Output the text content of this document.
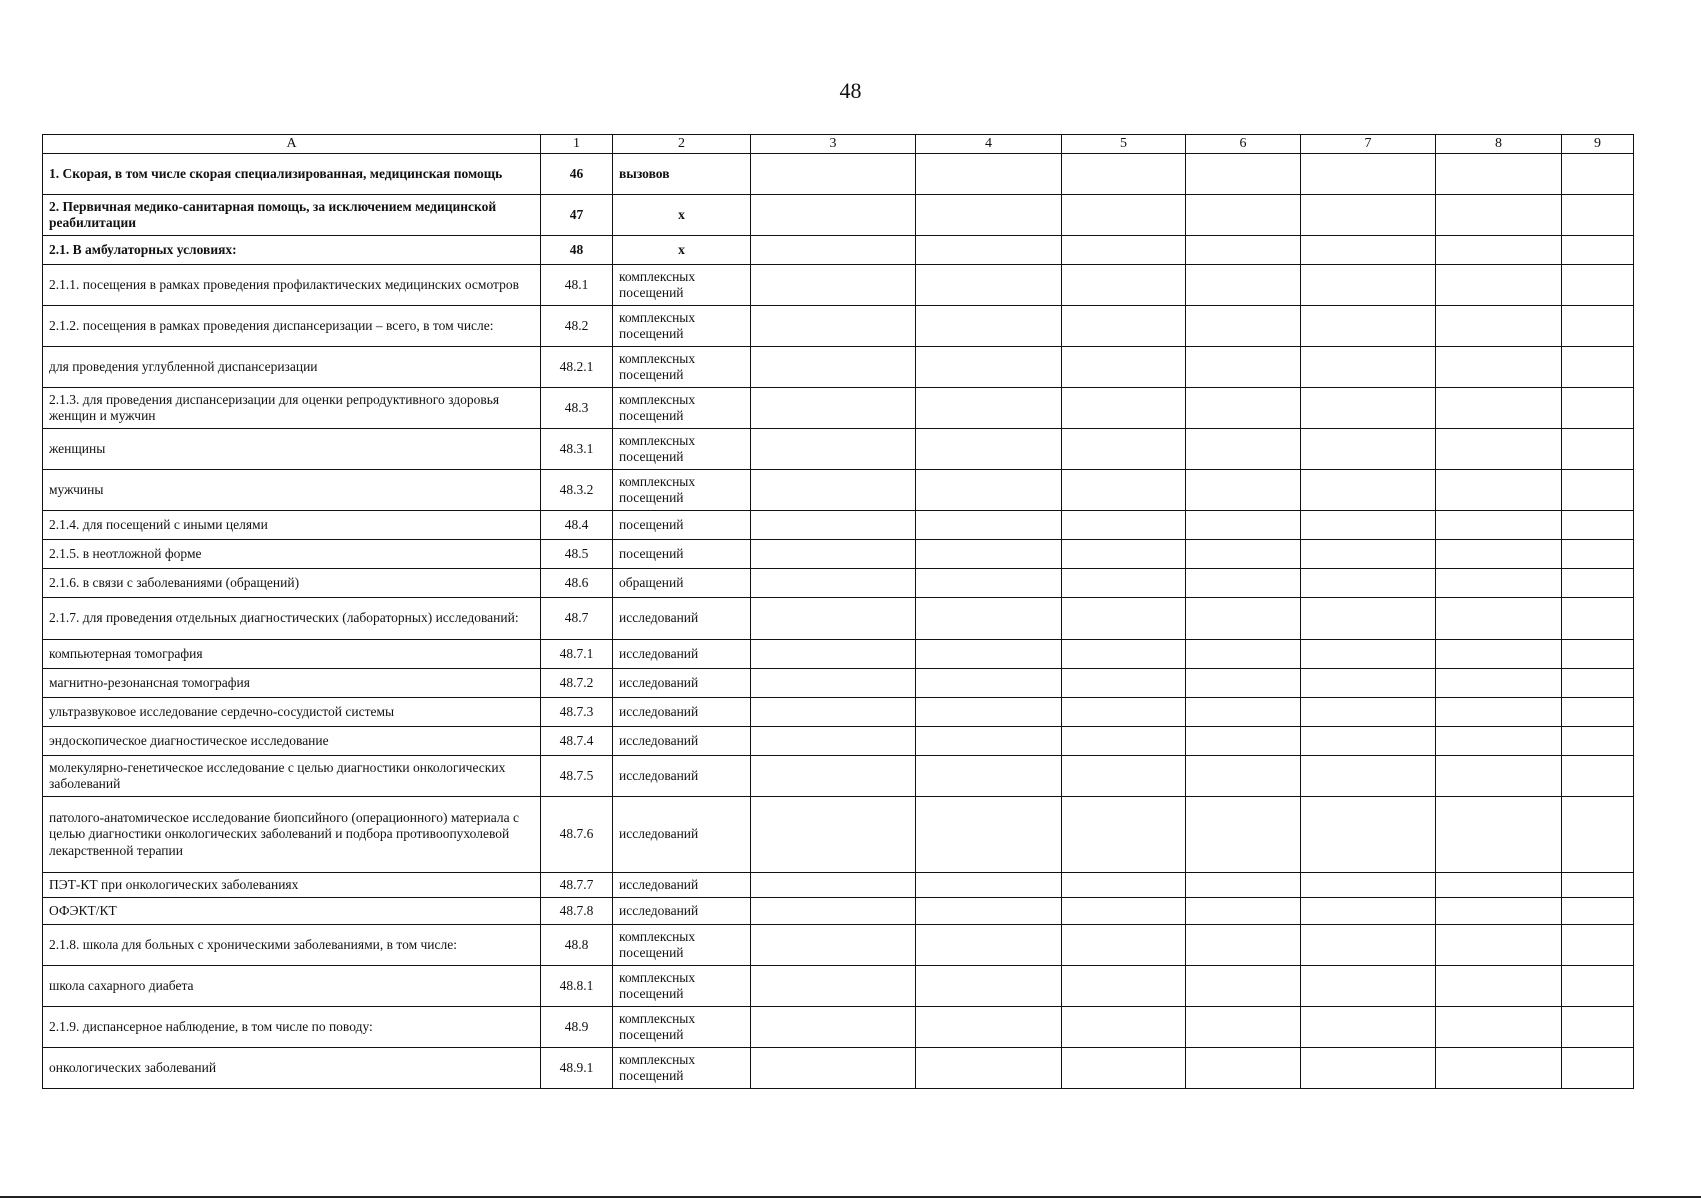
48
А	1	2	3	4	5	6	7	8	9
1. Скорая, в том числе скорая специализированная, медицинская помощь	46	вызовов							
2. Первичная медико-санитарная помощь, за исключением медицинской реабилитации	47	х							
2.1. В амбулаторных условиях:	48	х							
2.1.1. посещения в рамках проведения профилактических медицинских осмотров	48.1	комплексных посещений							
2.1.2. посещения в рамках проведения диспансеризации – всего, в том числе:	48.2	комплексных посещений							
для проведения углубленной диспансеризации	48.2.1	комплексных посещений							
2.1.3. для проведения диспансеризации для оценки репродуктивного здоровья женщин и мужчин	48.3	комплексных посещений							
женщины	48.3.1	комплексных посещений							
мужчины	48.3.2	комплексных посещений							
2.1.4. для посещений с иными целями	48.4	посещений							
2.1.5. в неотложной форме	48.5	посещений							
2.1.6. в связи с заболеваниями (обращений)	48.6	обращений							
2.1.7. для проведения отдельных диагностических (лабораторных) исследований:	48.7	исследований							
компьютерная томография	48.7.1	исследований							
магнитно-резонансная томография	48.7.2	исследований							
ультразвуковое исследование сердечно-сосудистой системы	48.7.3	исследований							
эндоскопическое диагностическое исследование	48.7.4	исследований							
молекулярно-генетическое исследование с целью диагностики онкологических заболеваний	48.7.5	исследований							
патолого-анатомическое исследование биопсийного (операционного) материала с целью диагностики онкологических заболеваний и подбора противоопухолевой лекарственной терапии	48.7.6	исследований							
ПЭТ-КТ при онкологических заболеваниях	48.7.7	исследований							
ОФЭКТ/КТ	48.7.8	исследований							
2.1.8. школа для больных с хроническими заболеваниями, в том числе:	48.8	комплексных посещений							
школа сахарного диабета	48.8.1	комплексных посещений							
2.1.9. диспансерное наблюдение, в том числе по поводу:	48.9	комплексных посещений							
онкологических заболеваний	48.9.1	комплексных посещений							
